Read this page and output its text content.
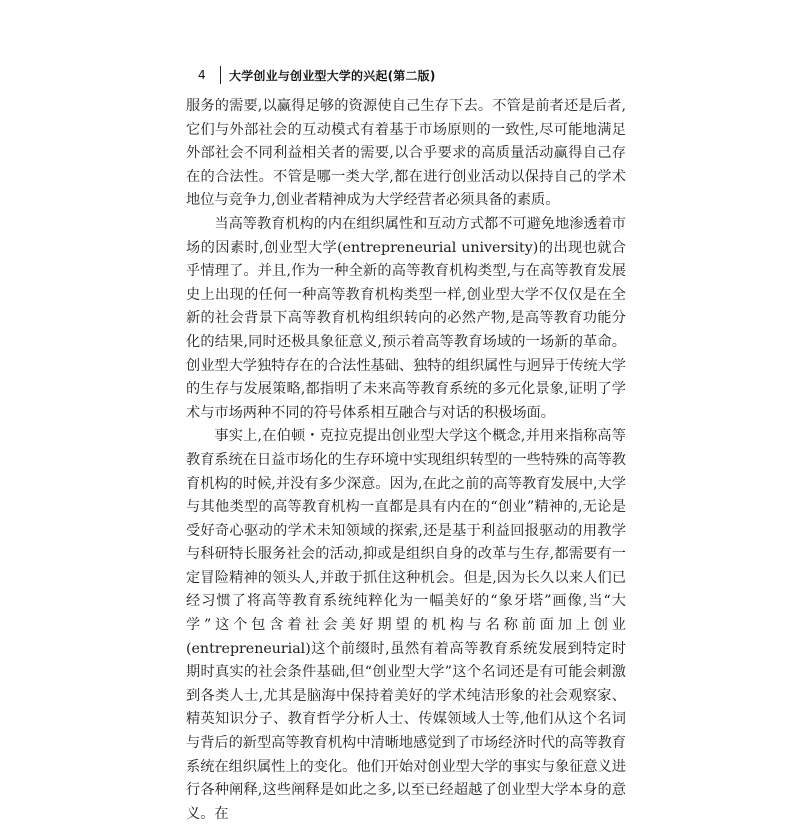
4	大学创业与创业型大学的兴起(第二版)

服务的需要,以赢得足够的资源使自己生存下去。不管是前者还是后者,它们与外部社会的互动模式有着基于市场原则的一致性,尽可能地满足外部社会不同利益相关者的需要,以合乎要求的高质量活动赢得自己存在的合法性。不管是哪一类大学,都在进行创业活动以保持自己的学术地位与竞争力,创业者精神成为大学经营者必须具备的素质。

当高等教育机构的内在组织属性和互动方式都不可避免地渗透着市场的因素时,创业型大学(entrepreneurial university)的出现也就合乎情理了。并且,作为一种全新的高等教育机构类型,与在高等教育发展史上出现的任何一种高等教育机构类型一样,创业型大学不仅仅是在全新的社会背景下高等教育机构组织转向的必然产物,是高等教育功能分化的结果,同时还极具象征意义,预示着高等教育场域的一场新的革命。创业型大学独特存在的合法性基础、独特的组织属性与迥异于传统大学的生存与发展策略,都指明了未来高等教育系统的多元化景象,证明了学术与市场两种不同的符号体系相互融合与对话的积极场面。

事实上,在伯顿・克拉克提出创业型大学这个概念,并用来指称高等教育系统在日益市场化的生存环境中实现组织转型的一些特殊的高等教育机构的时候,并没有多少深意。因为,在此之前的高等教育发展中,大学与其他类型的高等教育机构一直都是具有内在的“创业”精神的,无论是受好奇心驱动的学术未知领域的探索,还是基于利益回报驱动的用教学与科研特长服务社会的活动,抑或是组织自身的改革与生存,都需要有一定冒险精神的领头人,并敢于抓住这种机会。但是,因为长久以来人们已经习惯了将高等教育系统纯粹化为一幅美好的“象牙塔”画像,当“大学”这个包含着社会美好期望的机构与名称前面加上创业(entrepreneurial)这个前缀时,虽然有着高等教育系统发展到特定时期时真实的社会条件基础,但“创业型大学”这个名词还是有可能会刺激到各类人士,尤其是脑海中保持着美好的学术纯洁形象的社会观察家、精英知识分子、教育哲学分析人士、传媒领域人士等,他们从这个名词与背后的新型高等教育机构中清晰地感觉到了市场经济时代的高等教育系统在组织属性上的变化。他们开始对创业型大学的事实与象征意义进行各种阐释,这些阐释是如此之多,以至已经超越了创业型大学本身的意义。在
